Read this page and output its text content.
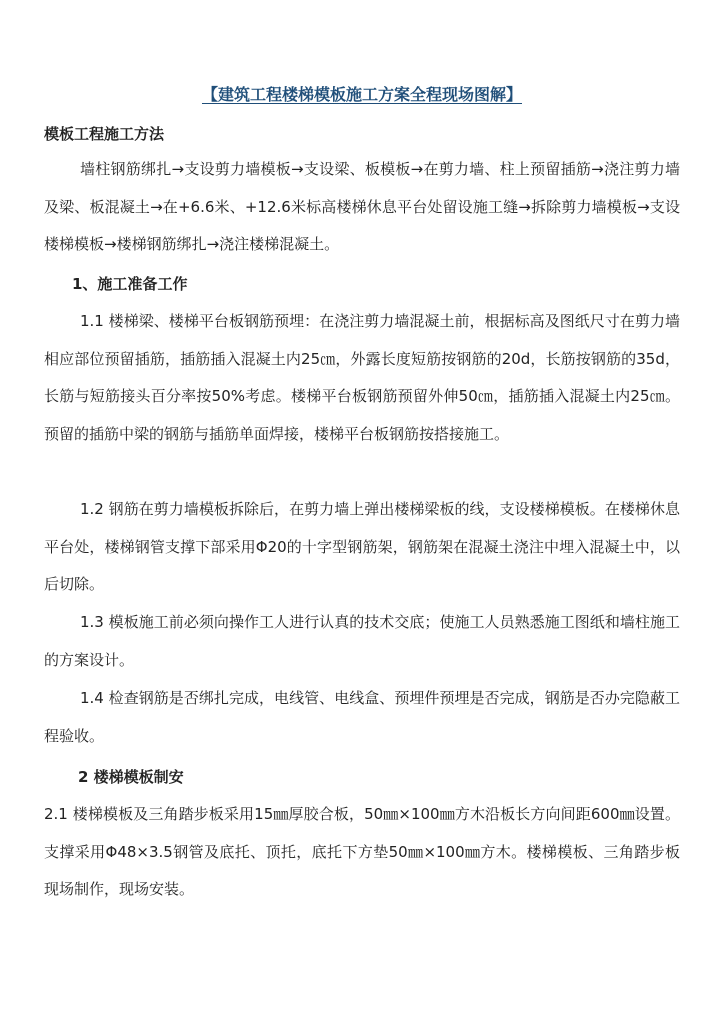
【建筑工程楼梯模板施工方案全程现场图解】
模板工程施工方法

墙柱钢筋绑扎→支设剪力墙模板→支设梁、板模板→在剪力墙、柱上预留插筋→浇注剪力墙及梁、板混凝土→在+6.6米、+12.6米标高楼梯休息平台处留设施工缝→拆除剪力墙模板→支设楼梯模板→楼梯钢筋绑扎→浇注楼梯混凝土。

1、施工准备工作

1.1 楼梯梁、楼梯平台板钢筋预埋：在浇注剪力墙混凝土前，根据标高及图纸尺寸在剪力墙相应部位预留插筋，插筋插入混凝土内25㎝，外露长度短筋按钢筋的20d，长筋按钢筋的35d，长筋与短筋接头百分率按50%考虑。楼梯平台板钢筋预留外伸50㎝，插筋插入混凝土内25㎝。预留的插筋中梁的钢筋与插筋单面焊接，楼梯平台板钢筋按搭接施工。

1.2 钢筋在剪力墙模板拆除后，在剪力墙上弹出楼梯梁板的线，支设楼梯模板。在楼梯休息平台处，楼梯钢管支撑下部采用Φ20的十字型钢筋架，钢筋架在混凝土浇注中埋入混凝土中，以后切除。

1.3 模板施工前必须向操作工人进行认真的技术交底；使施工人员熟悉施工图纸和墙柱施工的方案设计。

1.4 检查钢筋是否绑扎完成，电线管、电线盒、预埋件预埋是否完成，钢筋是否办完隐蔽工程验收。

2 楼梯模板制安

2.1 楼梯模板及三角踏步板采用15㎜厚胶合板，50㎜×100㎜方木沿板长方向间距600㎜设置。支撑采用Φ48×3.5钢管及底托、顶托，底托下方垫50㎜×100㎜方木。楼梯模板、三角踏步板现场制作，现场安装。
